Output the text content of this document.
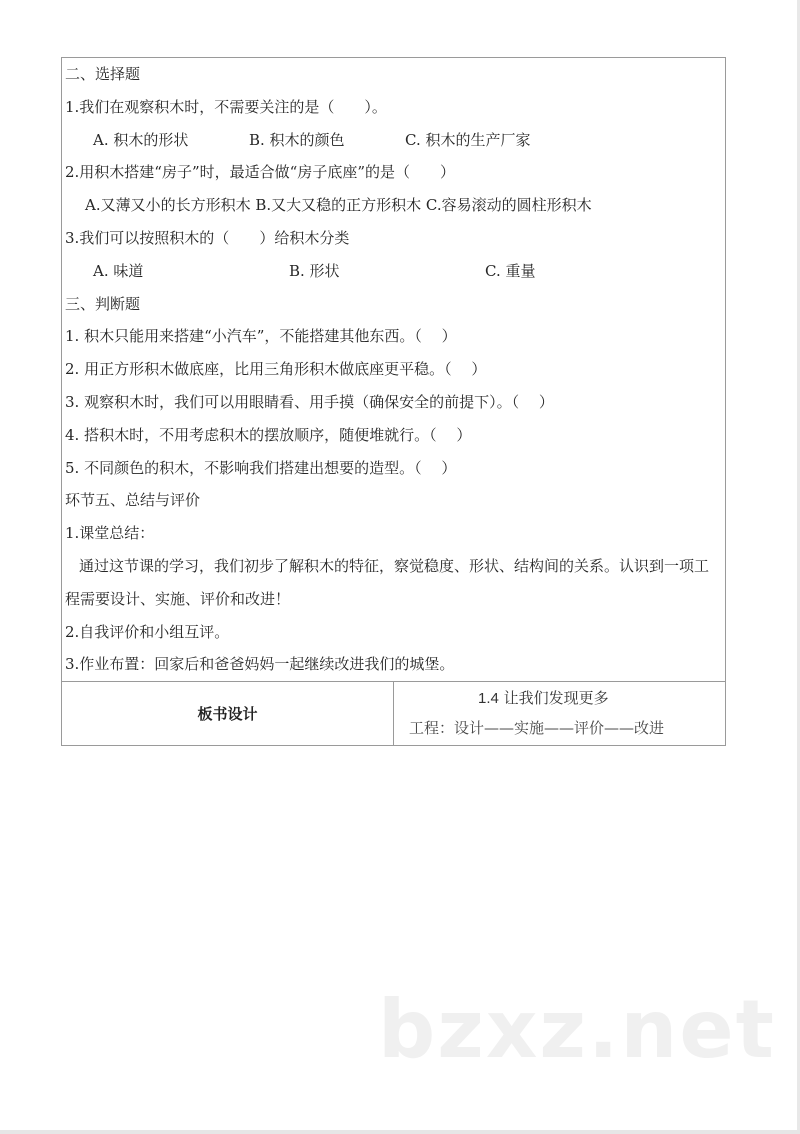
二、选择题
1.我们在观察积木时，不需要关注的是（　　）。
A. 积木的形状	B. 积木的颜色	C. 积木的生产厂家
2.用积木搭建“房子”时，最适合做“房子底座”的是（　　）
A.又薄又小的长方形积木 B.又大又稳的正方形积木 C.容易滚动的圆柱形积木
3.我们可以按照积木的（　　）给积木分类
A. 味道	B. 形状	C. 重量
三、判断题
1. 积木只能用来搭建“小汽车”，不能搭建其他东西。（　 ）
2. 用正方形积木做底座，比用三角形积木做底座更平稳。（　 ）
3. 观察积木时，我们可以用眼睛看、用手摸（确保安全的前提下）。（　 ）
4. 搭积木时，不用考虑积木的摆放顺序，随便堆就行。（　 ）
5. 不同颜色的积木，不影响我们搭建出想要的造型。（　 ）
环节五、总结与评价
1.课堂总结：
通过这节课的学习，我们初步了解积木的特征，察觉稳度、形状、结构间的关系。认识到一项工程需要设计、实施、评价和改进！
2.自我评价和小组互评。
3.作业布置：回家后和爸爸妈妈一起继续改进我们的城堡。

板书设计	
1.4 让我们发现更多
工程：设计——实施——评价——改进
bzxz.net
